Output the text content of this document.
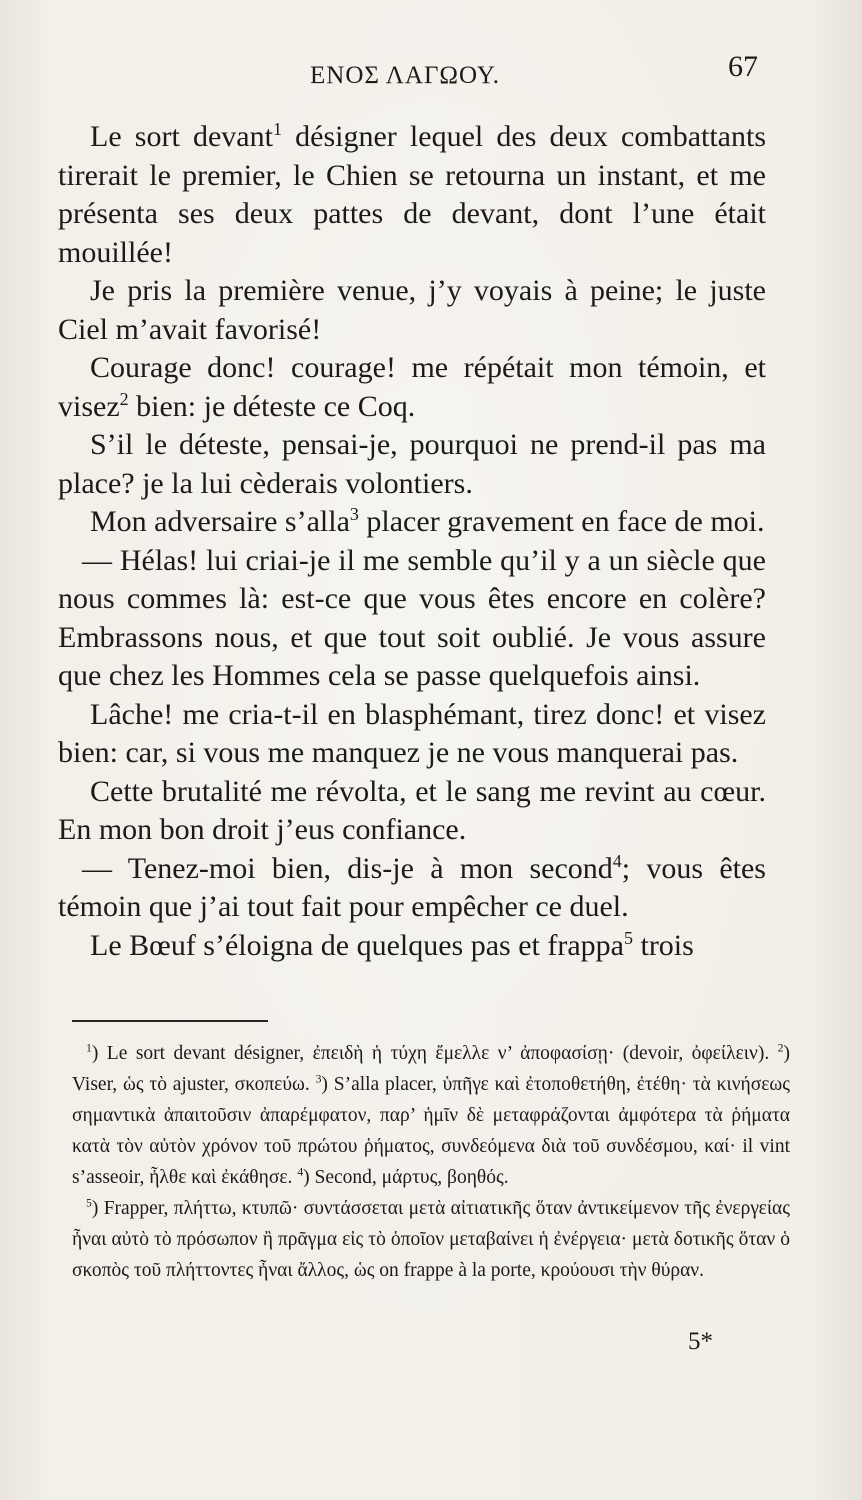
ΕΝΟΣ ΛΑΓΩΟΥ.	67

Le sort devant$^1$ désigner lequel des deux combattants tirerait le premier, le Chien se retourna un instant, et me présenta ses deux pattes de devant, dont l’une était mouillée!

Je pris la première venue, j’y voyais à peine; le juste Ciel m’avait favorisé!

Courage donc! courage! me répétait mon témoin, et visez$^2$ bien: je déteste ce Coq.

S’il le déteste, pensai-je, pourquoi ne prend-il pas ma place? je la lui cèderais volontiers.

Mon adversaire s’alla$^3$ placer gravement en face de moi.

— Hélas! lui criai-je il me semble qu’il y a un siècle que nous commes là: est-ce que vous êtes encore en colère? Embrassons nous, et que tout soit oublié. Je vous assure que chez les Hommes cela se passe quelquefois ainsi.

Lâche! me cria-t-il en blasphémant, tirez donc! et visez bien: car, si vous me manquez je ne vous manquerai pas.

Cette brutalité me révolta, et le sang me revint au cœur. En mon bon droit j’eus confiance.

— Tenez-moi bien, dis-je à mon second$^4$; vous êtes témoin que j’ai tout fait pour empêcher ce duel.

Le Bœuf s’éloigna de quelques pas et frappa$^5$ trois

$^1$) Le sort devant désigner, ἐπειδὴ ἡ τύχη ἔμελλε ν’ ἀποφασίσῃ· (devoir, ὀφείλειν). $^2$) Viser, ὡς τὸ ajuster, σκοπεύω. $^3$) S’alla placer, ὑπῆγε καὶ ἐτοποθετήθη, ἐτέθη· τὰ κινήσεως σημαντικὰ ἀπαιτοῦσιν ἀπαρέμφατον, παρ’ ἡμῖν δὲ μεταφράζονται ἀμφότερα τὰ ῥήματα κατὰ τὸν αὐτὸν χρόνον τοῦ πρώτου ῥήματος, συνδεόμενα διὰ τοῦ συνδέσμου, καί· il vint s’asseoir, ἦλθε καὶ ἐκάθησε. $^4$) Second, μάρτυς, βοηθός.

$^5$) Frapper, πλήττω, κτυπῶ· συντάσσεται μετὰ αἰτιατικῆς ὅταν ἀντικείμενον τῆς ἐνεργείας ἦναι αὐτὸ τὸ πρόσωπον ἢ πρᾶγμα εἰς τὸ ὁποῖον μεταβαίνει ἡ ἐνέργεια· μετὰ δοτικῆς ὅταν ὁ σκοπὸς τοῦ πλήττοντες ἦναι ἄλλος, ὡς on frappe à la porte, κρούουσι τὴν θύραν.

5*
